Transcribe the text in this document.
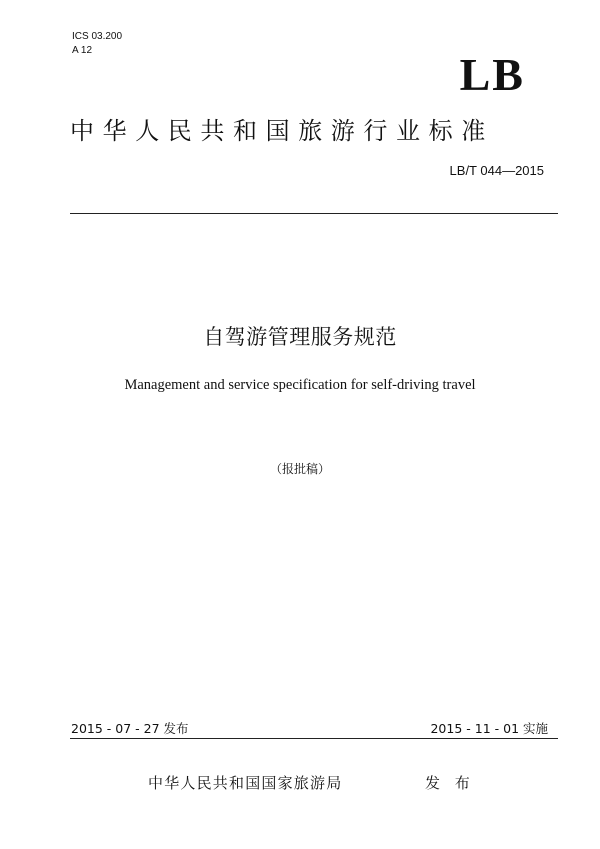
ICS 03.200
A 12	LB
中华人民共和国旅游行业标准
LB/T 044—2015
自驾游管理服务规范
Management and service specification for self-driving travel
（报批稿）
2015 - 07 - 27 发布	2015 - 11 - 01 实施
中华人民共和国国家旅游局	发 布
